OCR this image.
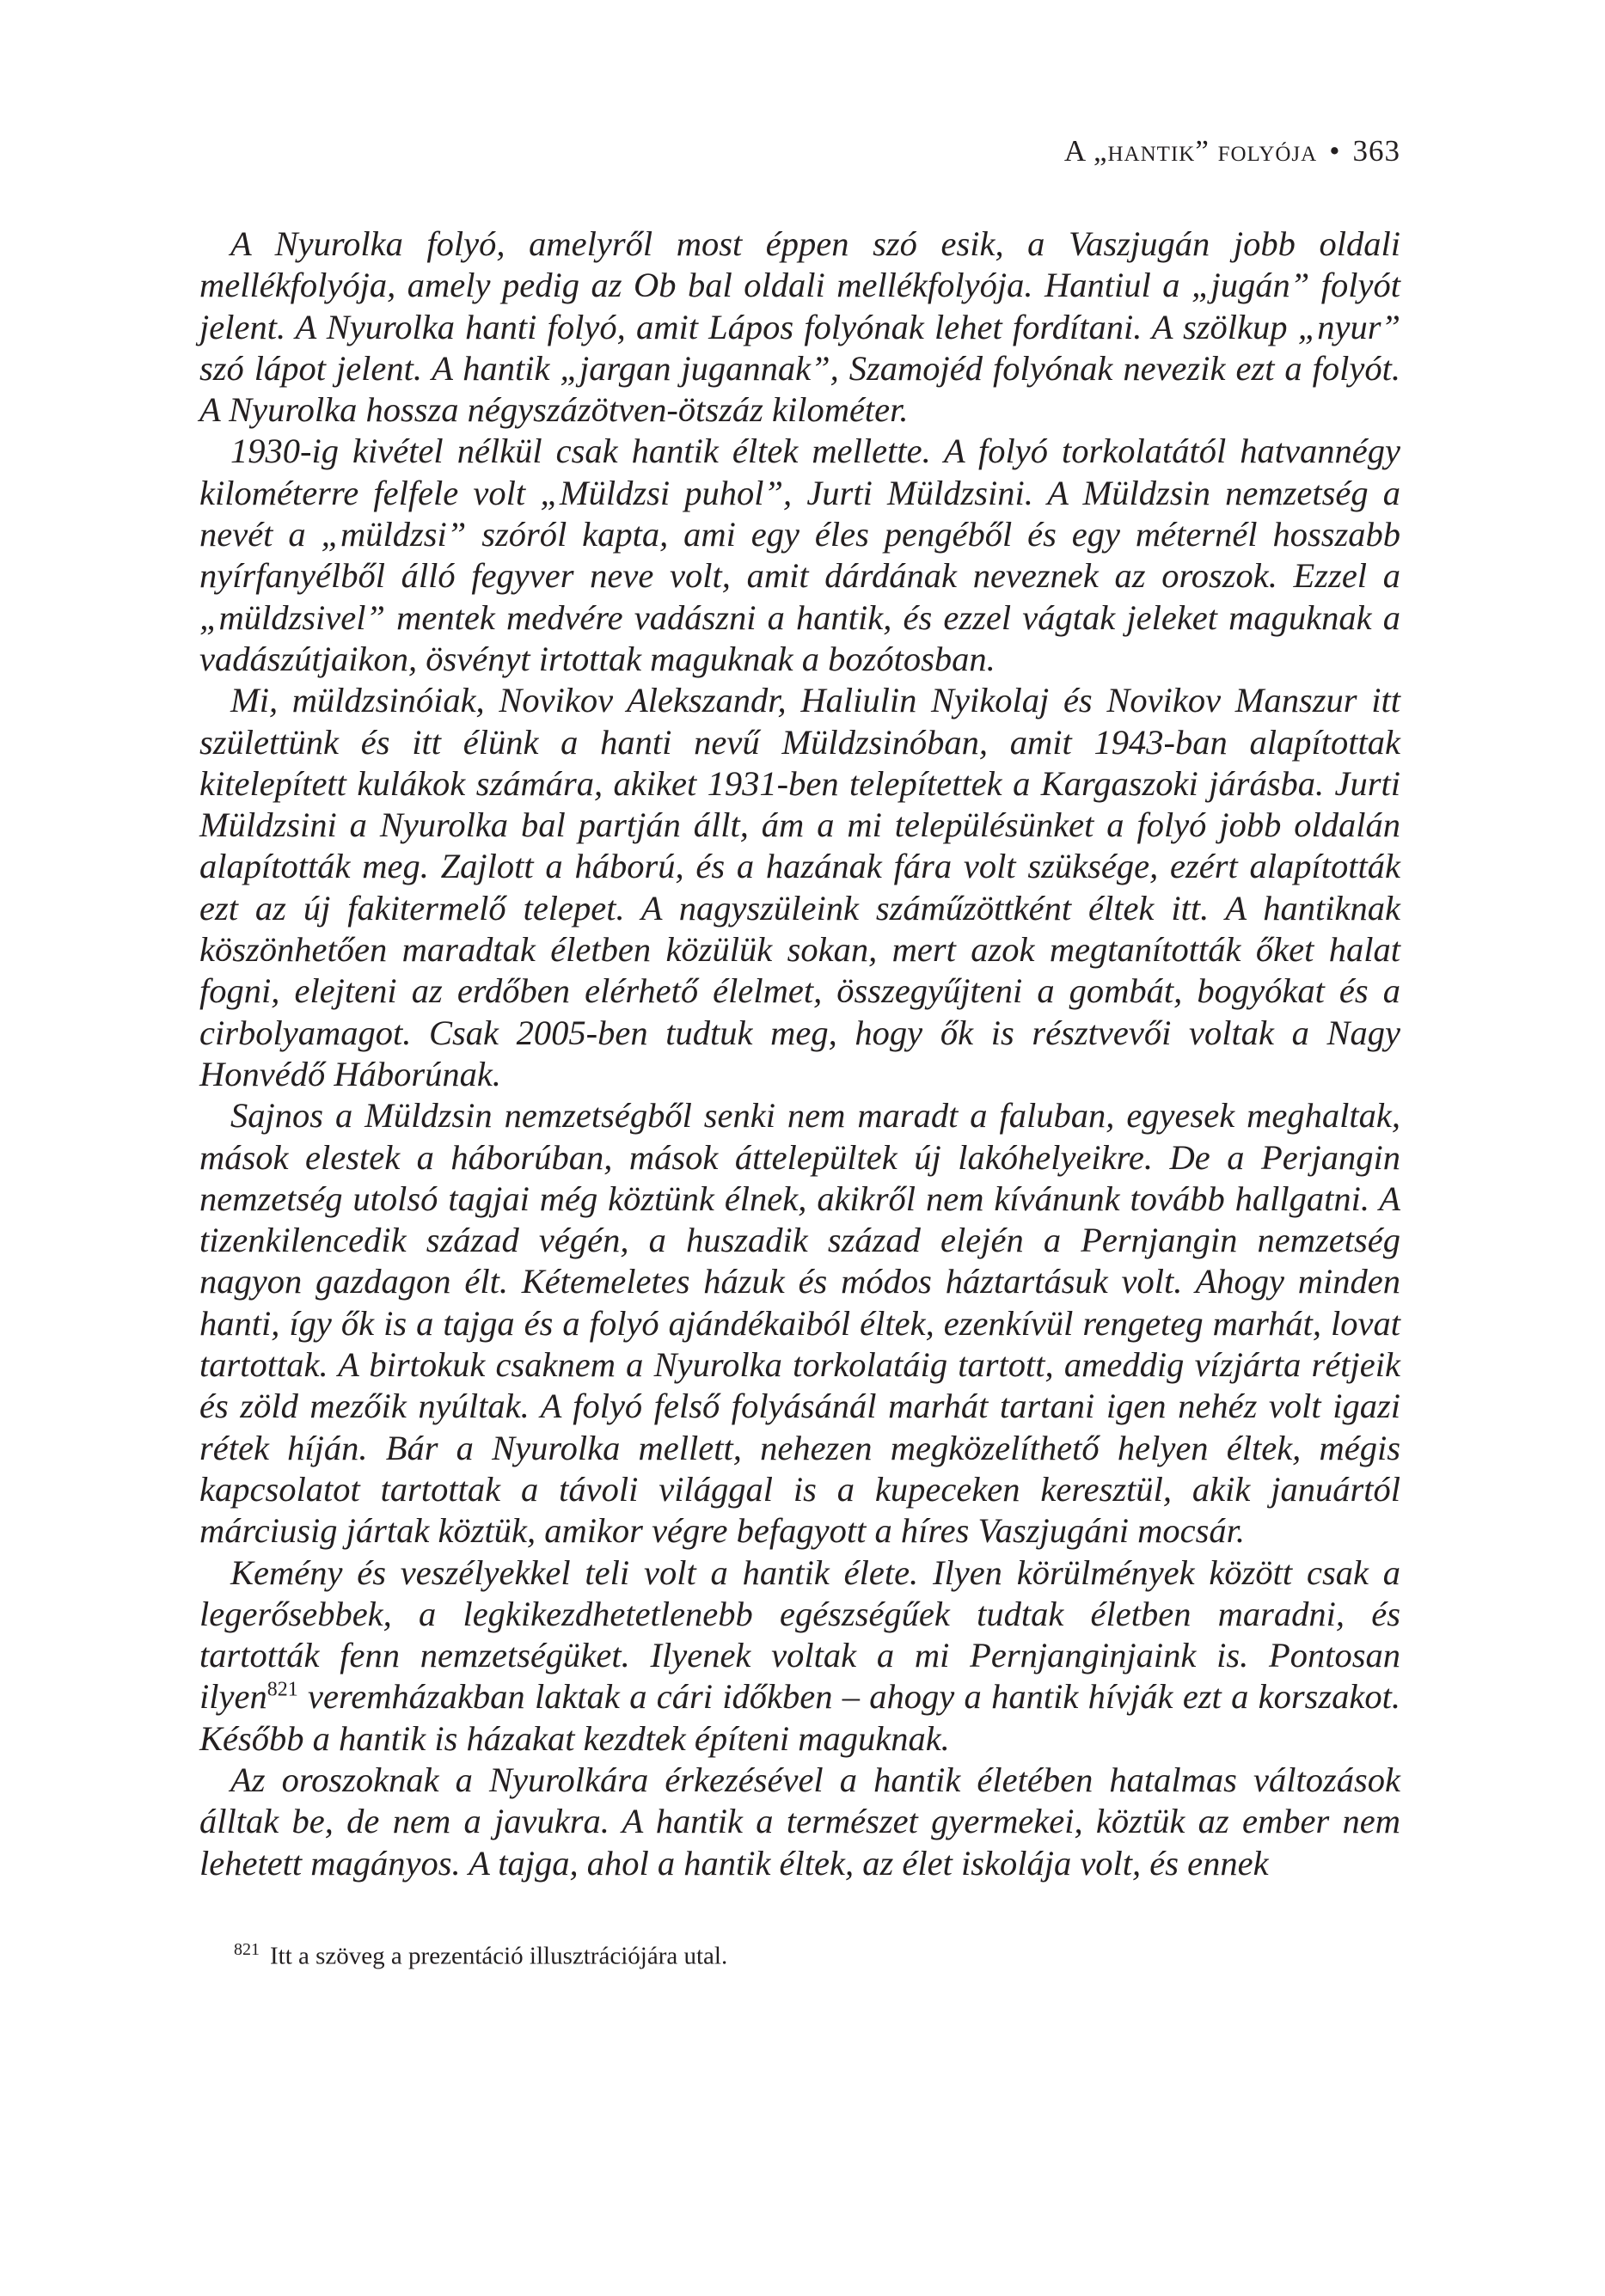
A „hantik” folyója • 363

A Nyurolka folyó, amelyről most éppen szó esik, a Vaszjugán jobb oldali mellékfolyója, amely pedig az Ob bal oldali mellékfolyója. Hantiul a „jugán” folyót jelent. A Nyurolka hanti folyó, amit Lápos folyónak lehet fordítani. A szölkup „nyur” szó lápot jelent. A hantik „jargan jugannak”, Szamojéd folyónak nevezik ezt a folyót. A Nyurolka hossza négyszázötven-ötszáz kilométer.

1930-ig kivétel nélkül csak hantik éltek mellette. A folyó torkolatától hatvannégy kilométerre felfele volt „Müldzsi puhol”, Jurti Müldzsini. A Müldzsin nemzetség a nevét a „müldzsi” szóról kapta, ami egy éles pengéből és egy méternél hosszabb nyírfanyélből álló fegyver neve volt, amit dárdának neveznek az oroszok. Ezzel a „müldzsivel” mentek medvére vadászni a hantik, és ezzel vágtak jeleket maguknak a vadászútjaikon, ösvényt irtottak maguknak a bozótosban.

Mi, müldzsinóiak, Novikov Alekszandr, Haliulin Nyikolaj és Novikov Manszur itt születtünk és itt élünk a hanti nevű Müldzsinóban, amit 1943-ban alapítottak kitelepített kulákok számára, akiket 1931-ben telepítettek a Kargaszoki járásba. Jurti Müldzsini a Nyurolka bal partján állt, ám a mi településünket a folyó jobb oldalán alapították meg. Zajlott a háború, és a hazának fára volt szüksége, ezért alapították ezt az új fakitermelő telepet. A nagyszüleink száműzöttként éltek itt. A hantiknak köszönhetően maradtak életben közülük sokan, mert azok megtanították őket halat fogni, elejteni az erdőben elérhető élelmet, összegyűjteni a gombát, bogyókat és a cirbolyamagot. Csak 2005-ben tudtuk meg, hogy ők is résztvevői voltak a Nagy Honvédő Háborúnak.

Sajnos a Müldzsin nemzetségből senki nem maradt a faluban, egyesek meghaltak, mások elestek a háborúban, mások áttelepültek új lakóhelyeikre. De a Perjangin nemzetség utolsó tagjai még köztünk élnek, akikről nem kívánunk tovább hallgatni. A tizenkilencedik század végén, a huszadik század elején a Pernjangin nemzetség nagyon gazdagon élt. Kétemeletes házuk és módos háztartásuk volt. Ahogy minden hanti, így ők is a tajga és a folyó ajándékaiból éltek, ezenkívül rengeteg marhát, lovat tartottak. A birtokuk csaknem a Nyurolka torkolatáig tartott, ameddig vízjárta rétjeik és zöld mezőik nyúltak. A folyó felső folyásánál marhát tartani igen nehéz volt igazi rétek híján. Bár a Nyurolka mellett, nehezen megközelíthető helyen éltek, mégis kapcsolatot tartottak a távoli világgal is a kupeceken keresztül, akik januártól márciusig jártak köztük, amikor végre befagyott a híres Vaszjugáni mocsár.

Kemény és veszélyekkel teli volt a hantik élete. Ilyen körülmények között csak a legerősebbek, a legkikezdhetetlenebb egészségűek tudtak életben maradni, és tartották fenn nemzetségüket. Ilyenek voltak a mi Pernjanginjaink is. Pontosan ilyen$^{821}$ veremházakban laktak a cári időkben – ahogy a hantik hívják ezt a korszakot. Később a hantik is házakat kezdtek építeni maguknak.

Az oroszoknak a Nyurolkára érkezésével a hantik életében hatalmas változások álltak be, de nem a javukra. A hantik a természet gyermekei, köztük az ember nem lehetett magányos. A tajga, ahol a hantik éltek, az élet iskolája volt, és ennek

$^{821}$ Itt a szöveg a prezentáció illusztrációjára utal.
